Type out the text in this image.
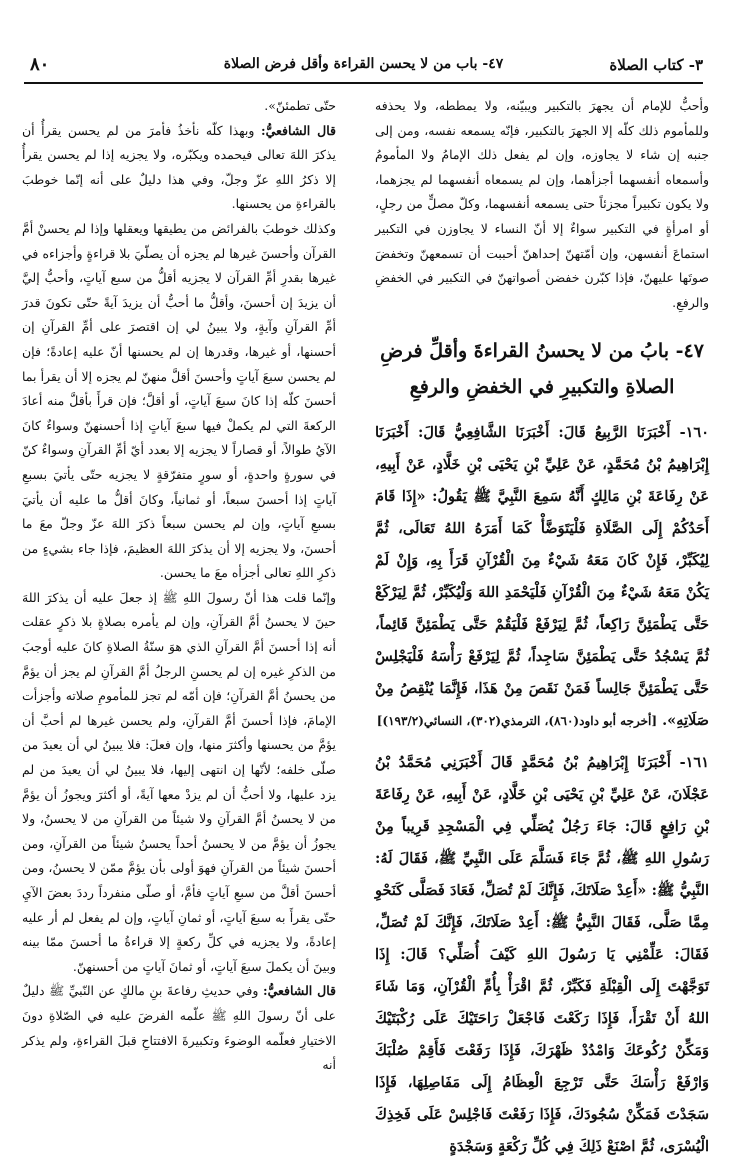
٣- كتاب الصلاة
٤٧- باب من لا يحسن القراءة وأقل فرض الصلاة
٨٠

وأحبُّ للإمام أن يجهرَ بالتكبير ويبيّنه، ولا يمططه، ولا يحذفه وللمأموم ذلك كلّه إلا الجهرَ بالتكبير، فإنّه يسمعه نفسه، ومن إلى جنبه إن شاء لا يجاوزه، وإن لم يفعل ذلك الإمامُ ولا المأمومُ وأسمعاه أنفسهما أجزأهما، وإن لم يسمعاه أنفسهما لم يجزهما، ولا يكون تكبيراً مجزئاً حتى يسمعه أنفسهما، وكلّ مصلٍّ من رجلٍ، أو امرأةٍ في التكبير سواءٌ إلا أنّ النساء لا يجاوزن في التكبير استماعَ أنفسهن، وإن أمّتهنّ إحداهنّ أحببت أن تسمعهنّ وتخفضَ صوتَها عليهنّ، فإذا كبّرن خفضن أصواتهنّ في التكبير في الخفضِ والرفعِ.

٤٧- بابُ من لا يحسنُ القراءةَ وأقلِّ فرضِ الصلاةِ والتكبيرِ في الخفضِ والرفعِ

١٦٠- أَخْبَرَنَا الرَّبِيعُ قَالَ: أَخْبَرَنَا الشَّافِعِيُّ قَالَ: أَخْبَرَنَا إِبْرَاهِيمُ بْنُ مُحَمَّدٍ، عَنْ عَلِيِّ بْنِ يَحْيَى بْنِ خَلَّادٍ، عَنْ أَبِيهِ، عَنْ رِفَاعَةَ بْنِ مَالِكٍ أَنَّهُ سَمِعَ النَّبِيَّ ﷺ يَقُولُ: «إِذَا قَامَ أَحَدُكُمْ إِلَى الصَّلَاةِ فَلْيَتَوَضَّأْ كَمَا أَمَرَهُ اللهُ تَعَالَى، ثُمَّ لِيُكَبِّرْ، فَإِنْ كَانَ مَعَهُ شَيْءٌ مِنَ الْقُرْآنِ قَرَأَ بِهِ، وَإِنْ لَمْ يَكُنْ مَعَهُ شَيْءٌ مِنَ الْقُرْآنِ فَلْيَحْمَدِ اللهَ وَلْيُكَبِّرْ، ثُمَّ لِيَرْكَعْ حَتَّى يَطْمَئِنَّ رَاكِعاً، ثُمَّ لِيَرْفَعْ فَلْيَقُمْ حَتَّى يَطْمَئِنَّ قَائِماً، ثُمَّ يَسْجُدُ حَتَّى يَطْمَئِنَّ سَاجِداً، ثُمَّ لِيَرْفَعْ رَأْسَهُ فَلْيَجْلِسْ حَتَّى يَطْمَئِنَّ جَالِساً فَمَنْ نَقَصَ مِنْ هَذَا، فَإِنَّمَا يُنْقِصُ مِنْ صَلَاتِهِ». [أخرجه أبو داود(٨٦٠)، الترمذي(٣٠٢)، النسائي(١٩٣/٢)]

١٦١- أَخْبَرَنَا إِبْرَاهِيمُ بْنُ مُحَمَّدٍ قَالَ أَخْبَرَنِي مُحَمَّدُ بْنُ عَجْلَانَ، عَنْ عَلِيِّ بْنِ يَحْيَى بْنِ خَلَّادٍ، عَنْ أَبِيهِ، عَنْ رِفَاعَةَ بْنِ رَافِعٍ قَالَ: جَاءَ رَجُلٌ يُصَلِّي فِي الْمَسْجِدِ قَرِيباً مِنْ رَسُولِ اللهِ ﷺ، ثُمَّ جَاءَ فَسَلَّمَ عَلَى النَّبِيِّ ﷺ، فَقَالَ لَهُ: النَّبِيُّ ﷺ: «أَعِدْ صَلَاتَكَ، فَإِنَّكَ لَمْ تُصَلِّ، فَعَادَ فَصَلَّى كَنَحْوِ مِمَّا صَلَّى، فَقَالَ النَّبِيُّ ﷺ: أَعِدْ صَلَاتَكَ، فَإِنَّكَ لَمْ تُصَلِّ، فَقَالَ: عَلِّمْنِي يَا رَسُولَ اللهِ كَيْفَ أُصَلِّي؟ قَالَ: إِذَا تَوَجَّهْتَ إِلَى الْقِبْلَةِ فَكَبِّرْ، ثُمَّ اقْرَأْ بِأُمِّ الْقُرْآنِ، وَمَا شَاءَ اللهُ أَنْ تَقْرَأَ، فَإِذَا رَكَعْتَ فَاجْعَلْ رَاحَتَيْكَ عَلَى رُكْبَتَيْكَ وَمَكِّنْ رُكُوعَكَ وَامْدُدْ ظَهْرَكَ، فَإِذَا رَفَعْتَ فَأَقِمْ صُلْبَكَ وَارْفَعْ رَأْسَكَ حَتَّى تَرْجِعَ الْعِظَامُ إِلَى مَفَاصِلِهَا، فَإِذَا سَجَدْتَ فَمَكِّنْ سُجُودَكَ، فَإِذَا رَفَعْتَ فَاجْلِسْ عَلَى فَخِذِكَ الْيُسْرَى، ثُمَّ اصْنَعْ ذَلِكَ فِي كُلِّ رَكْعَةٍ وَسَجْدَةٍ

حتّى تطمئنّ».

قال الشافعيُّ: وبهذا كلّه نأخذُ فأمرَ من لم يحسن يقرأُ أن يذكرَ اللهَ تعالى فيحمده ويكبّره، ولا يجزيه إذا لم يحسن يقرأُ إلا ذكرُ اللهِ عزّ وجلّ، وفي هذا دليلٌ على أنه إنّما خوطبَ بالقراءةِ من يحسنها.

وكذلك خوطبَ بالفرائض من يطيقها ويعقلها وإذا لم يحسنْ أمَّ القرآن وأحسنَ غيرها لم يجزه أن يصلّيَ بلا قراءةٍ وأجزاءه في غيرها بقدرِ أمِّ القرآن لا يجزيه أقلُّ من سبع آياتٍ، وأحبُّ إليَّ أن يزيدَ إن أحسنَ، وأقلُّ ما أحبُّ أن يزيدَ آيةً حتّى تكونَ قدرَ أمِّ القرآنِ وآيةٍ، ولا يبينُ لي إن اقتصرَ على أمِّ القرآنِ إن أحسنها، أو غيرها، وقدرها إن لم يحسنها أنّ عليه إعادةً؛ فإن لم يحسن سبعَ آياتٍ وأحسنَ أقلَّ منهنّ لم يجزه إلا أن يقرأ بما أحسنَ كلّه إذا كانَ سبعَ آياتٍ، أو أقلَّ؛ فإن قرأَ بأقلَّ منه أعادَ الركعةَ التي لم يكملْ فيها سبعَ آياتٍ إذا أحسنهنّ وسواءٌ كانَ الآيُ طوالاً، أو قصاراً لا يجزيه إلا بعدد أيّ أمِّ القرآنِ وسواءٌ كنّ في سورةٍ واحدةٍ، أو سورٍ متفرّقةٍ لا يجزيه حتّى يأتيَ بسبعِ آياتٍ إذا أحسنَ سبعاً، أو ثمانياً، وكانَ أقلُّ ما عليه أن يأتيَ بسبعِ آياتٍ، وإن لم يحسن سبعاً ذكرَ اللهَ عزّ وجلّ معَ ما أحسنَ، ولا يجزيه إلا أن يذكرَ اللهَ العظيمَ، فإذا جاء بشيءٍ من ذكرِ اللهِ تعالى أجزأه معَ ما يحسن.

وإنّما قلت هذا أنّ رسولَ اللهِ ﷺ إذ جعلَ عليه أن يذكرَ اللهَ حينَ لا يحسنُ أمَّ القرآنِ، وإن لم يأمره بصلاةٍ بلا ذكرٍ عقلت أنه إذا أحسنَ أمَّ القرآنِ الذي هوَ سنّةُ الصلاةِ كانَ عليه أوجبَ من الذكرِ غيره إن لم يحسنِ الرجلُ أمَّ القرآنِ لم يجز أن يؤمَّ من يحسنُ أمَّ القرآنِ؛ فإن أمّه لم تجز للمأمومِ صلاته وأجزأت الإمامَ، فإذا أحسنَ أمَّ القرآنِ، ولم يحسن غيرها لم أحبَّ أن يؤمَّ من يحسنها وأكثرَ منها، وإن فعلَ: فلا يبينُ لي أن يعيدَ من صلّى خلفه؛ لأنّها إن انتهى إليها، فلا يبينُ لي أن يعيدَ من لم يزد عليها، ولا أحبُّ أن لم يزدْ معها آيةً، أو أكثرَ ويجوزُ أن يؤمَّ من لا يحسنُ أمَّ القرآنِ ولا شيئاً من القرآنِ من لا يحسنُ، ولا يجوزُ أن يؤمَّ من لا يحسنُ أحداً يحسنُ شيئاً من القرآنِ، ومن أحسنَ شيئاً من القرآنِ فهوَ أولى بأن يؤمَّ ممّن لا يحسنُ، ومن أحسنَ أقلَّ من سبعِ آياتٍ فأمَّ، أو صلّى منفرداً رددَ بعضَ الآيِ حتّى يقرأَ به سبعَ آياتٍ، أو ثمانِ آياتٍ، وإن لم يفعل لم أر عليه إعادةً، ولا يجزيه في كلِّ ركعةٍ إلا قراءةُ ما أحسنَ ممّا بينه وبينَ أن يكملَ سبعَ آياتٍ، أو ثمانَ آياتٍ من أحسنهنّ.

قال الشافعيُّ: وفي حديثِ رفاعةَ بنِ مالكٍ عن النّبيِّ ﷺ دليلٌ على أنّ رسولَ اللهِ ﷺ علّمه الفرضَ عليه في الصّلاةِ دونَ الاختيارِ فعلّمه الوضوءَ وتكبيرةَ الافتتاحِ قبلَ القراءةِ، ولم يذكر أنه
